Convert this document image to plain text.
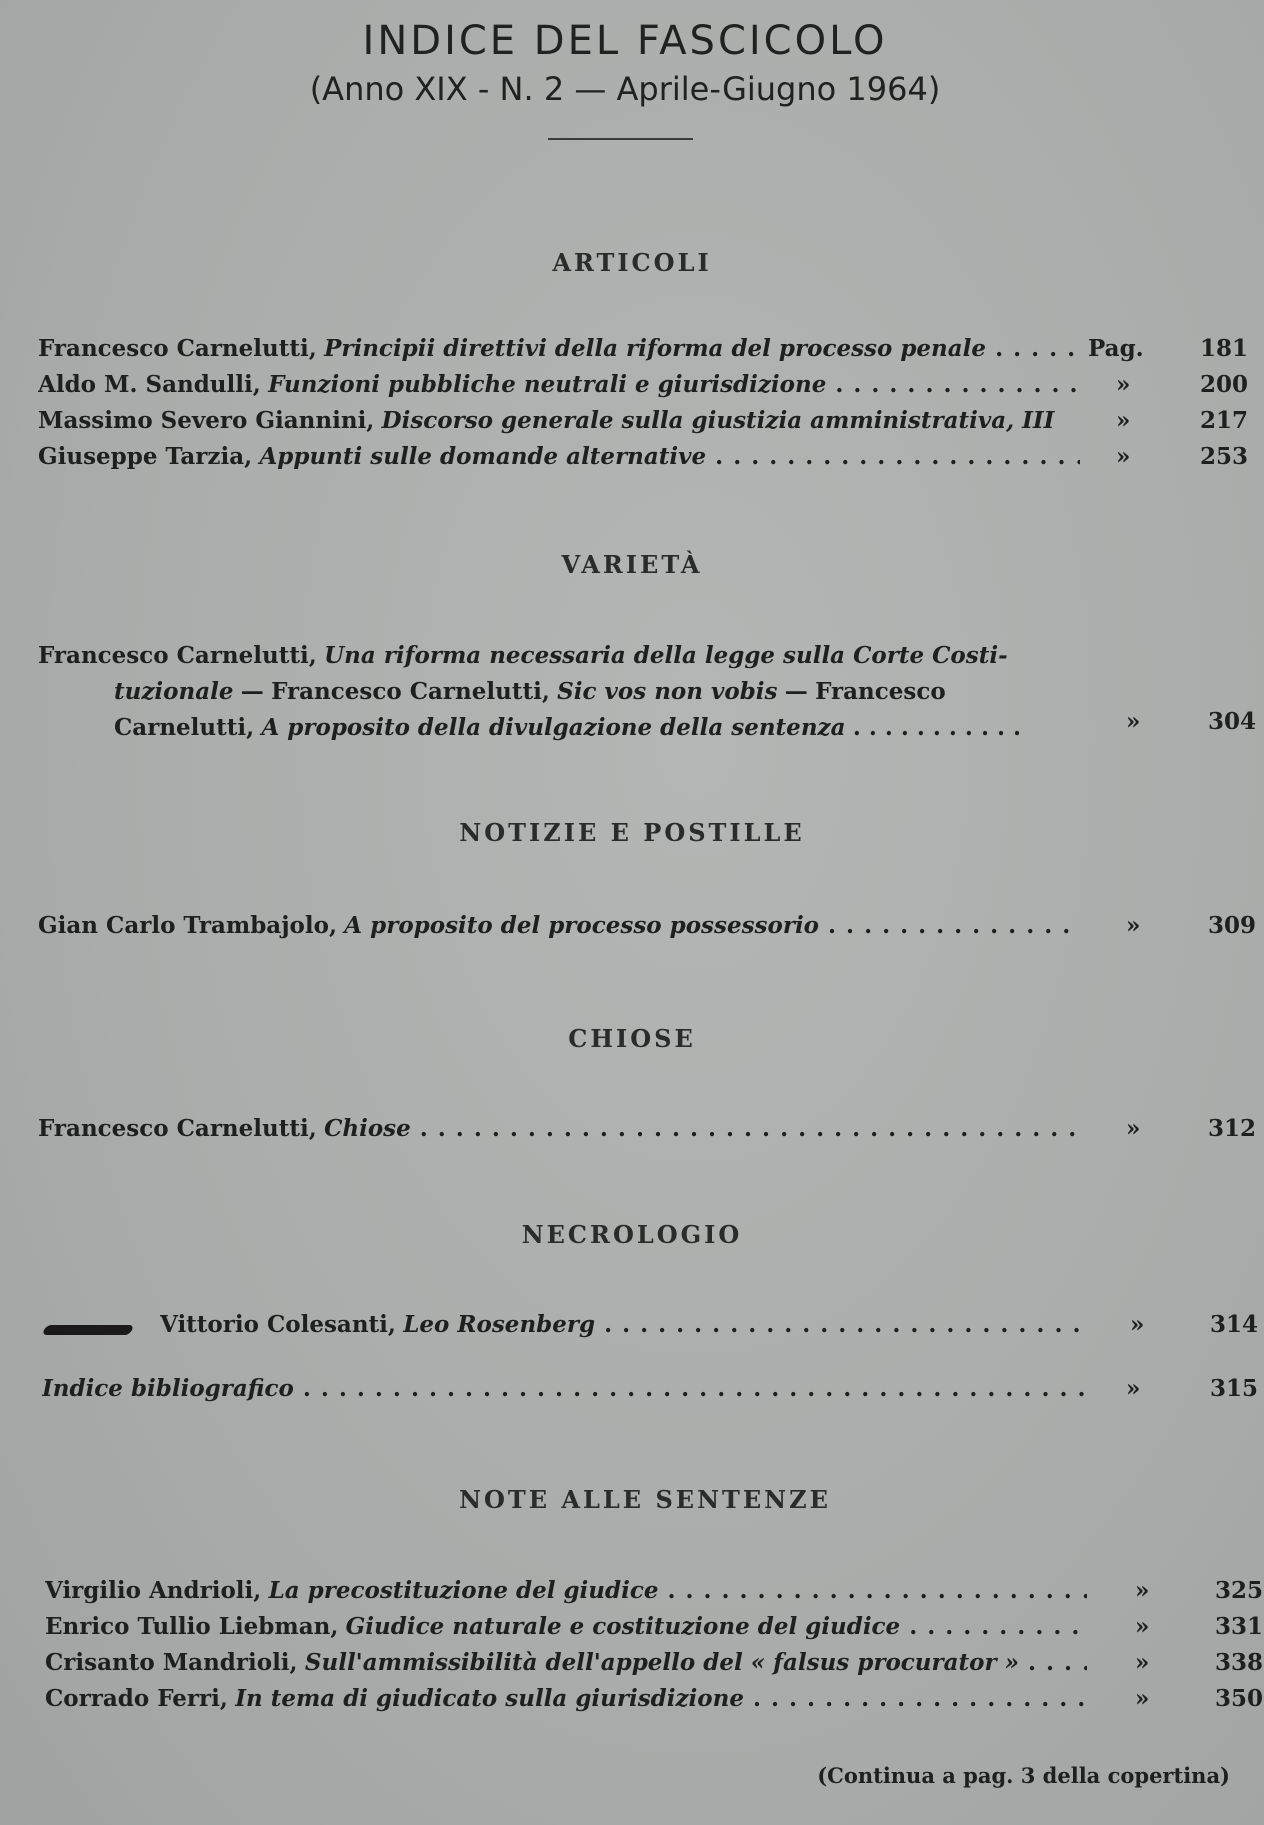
INDICE DEL FASCICOLO
(Anno XIX - N. 2 — Aprile-Giugno 1964)
ARTICOLI
Francesco Carnelutti, Principii direttivi della riforma del processo penale . . .	Pag.	181
Aldo M. Sandulli, Funzioni pubbliche neutrali e giurisdizione . . .	»	200
Massimo Severo Giannini, Discorso generale sulla giustizia amministrativa, III	»	217
Giuseppe Tarzia, Appunti sulle domande alternative . . .	»	253
VARIETÀ
Francesco Carnelutti, Una riforma necessaria della legge sulla Corte Costi-
tuzionale — Francesco Carnelutti, Sic vos non vobis — Francesco
Carnelutti, A proposito della divulgazione della sentenza . . . . . . . . . . .	»	304
NOTIZIE E POSTILLE
Gian Carlo Trambajolo, A proposito del processo possessorio . . .	»	309
CHIOSE
Francesco Carnelutti, Chiose . . .	»	312
NECROLOGIO
Vittorio Colesanti, Leo Rosenberg . . .	»	314
Indice bibliografico . . .	»	315
NOTE ALLE SENTENZE
Virgilio Andrioli, La precostituzione del giudice . . .	»	325
Enrico Tullio Liebman, Giudice naturale e costituzione del giudice . . .	»	331
Crisanto Mandrioli, Sull'ammissibilità dell'appello del « falsus procurator » . . .	»	338
Corrado Ferri, In tema di giudicato sulla giurisdizione . . .	»	350
(Continua a pag. 3 della copertina)
